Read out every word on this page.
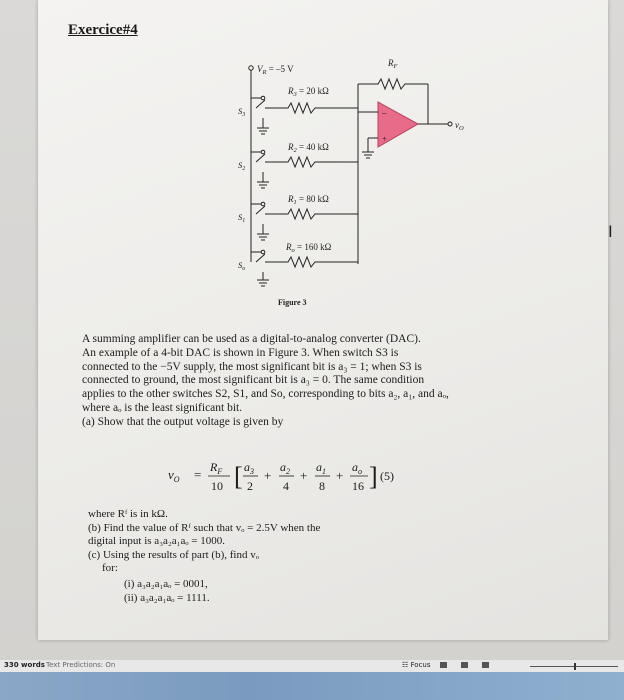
Exercice#4
$V_R = -5$ V
$R_F$
–
+
$v_O$
$R_3 = 20$ kΩ
$S_3$
$R_2 = 40$ kΩ
$S_2$
$R_1 = 80$ kΩ
$S_1$
$R_o = 160$ kΩ
$S_o$
Figure 3
A summing amplifier can be used as a digital-to-analog converter (DAC).
An example of a 4-bit DAC is shown in Figure 3. When switch S3 is
connected to the −5V supply, the most significant bit is a₃ = 1; when S3 is
connected to ground, the most significant bit is a₃ = 0. The same condition
applies to the other switches S2, S1, and So, corresponding to bits a₂, a₁, and aₒ,
where aₒ is the least significant bit.
(a) Show that the output voltage is given by
$v_O = R_F$
10 [ $a_3$
2
+
$a_2$
4
+
$a_1$
8
+
$a_o$
16 ] (5)
where Rᶠ is in kΩ.
(b) Find the value of Rᶠ such that vₒ = 2.5V when the
digital input is a₃a₂a₁aₒ = 1000.
(c) Using the results of part (b), find vₒ
for:
(i) a₃a₂a₁aₒ = 0001,
(ii) a₃a₂a₁aₒ = 1111.
I
330 words Text Predictions: On	☷ Focus
